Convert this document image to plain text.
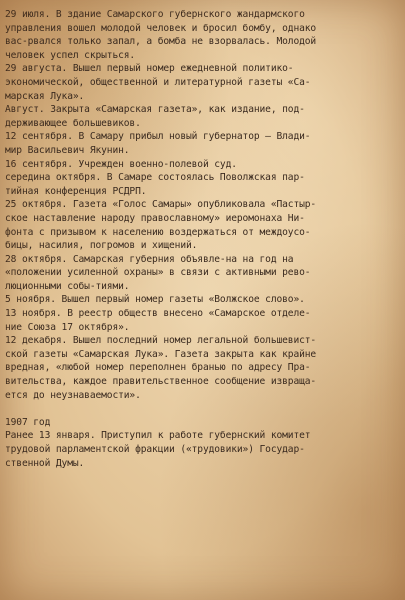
29 июля. В здание Самарского губернского жандармского
управления вошел молодой человек и бросил бомбу, однако
вас-рвался только запал, а бомба не взорвалась. Молодой
человек успел скрыться.
29 августа. Вышел первый номер ежедневной политико-
экономической, общественной и литературной газеты «Са-
марская Лука».
Август. Закрыта «Самарская газета», как издание, под-
держивающее большевиков.
12 сентября. В Самару прибыл новый губернатор – Влади-
мир Васильевич Якунин.
16 сентября. Учрежден военно-полевой суд.
середина октября. В Самаре состоялась Поволжская пар-
тийная конференция РСДРП.
25 октября. Газета «Голос Самары» опубликовала «Пастыр-
ское наставление народу православному» иеромонаха Ни-
фонта с призывом к населению воздержаться от междоусо-
бицы, насилия, погромов и хищений.
28 октября. Самарская губерния объявле-на на год на
«положении усиленной охраны» в связи с активными рево-
люционными собы-тиями.
5 ноября. Вышел первый номер газеты «Волжское слово».
13 ноября. В реестр обществ внесено «Самарское отделе-
ние Союза 17 октября».
12 декабря. Вышел последний номер легальной большевист-
ской газеты «Самарская Лука». Газета закрыта как крайне
вредная, «любой номер переполнен бранью по адресу Пра-
вительства, каждое правительственное сообщение извраща-
ется до неузнаваемости».
1907 год
Ранее 13 января. Приступил к работе губернский комитет
трудовой парламентской фракции («трудовики») Государ-
ственной Думы.
